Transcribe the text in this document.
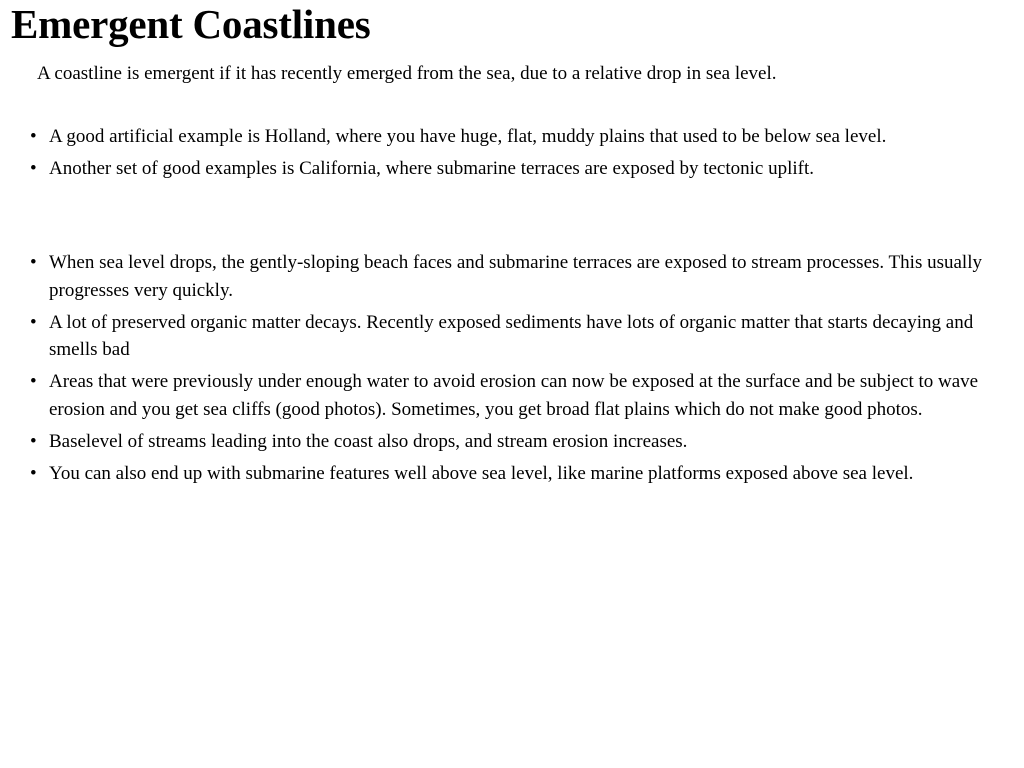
Emergent Coastlines

A coastline is emergent if it has recently emerged from the sea, due to a relative drop in sea level.

• A good artificial example is Holland, where you have huge, flat, muddy plains that used to be below sea level.
• Another set of good examples is California, where submarine terraces are exposed by tectonic uplift.
• When sea level drops, the gently-sloping beach faces and submarine terraces are exposed to stream processes. This usually progresses very quickly.
• A lot of preserved organic matter decays. Recently exposed sediments have lots of organic matter that starts decaying and smells bad
• Areas that were previously under enough water to avoid erosion can now be exposed at the surface and be subject to wave erosion and you get sea cliffs (good photos). Sometimes, you get broad flat plains which do not make good photos.
• Baselevel of streams leading into the coast also drops, and stream erosion increases.
• You can also end up with submarine features well above sea level, like marine platforms exposed above sea level.
